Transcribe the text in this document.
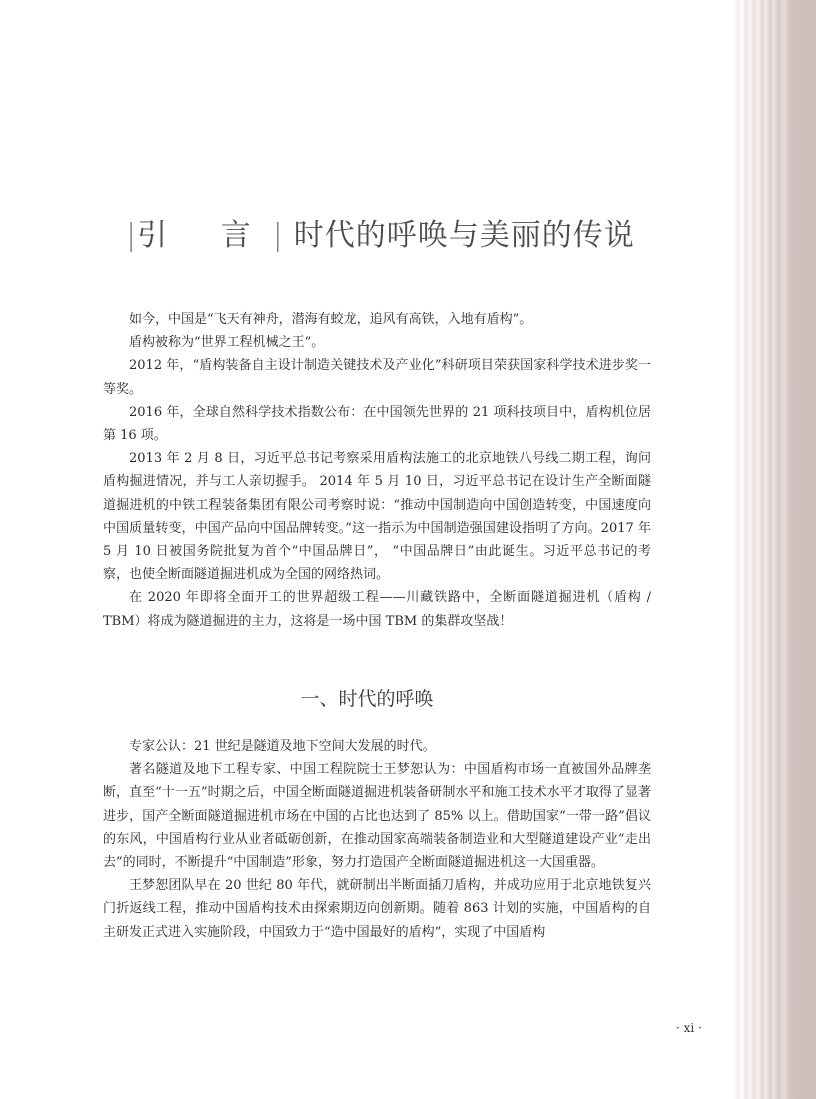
|引 言| 时代的呼唤与美丽的传说

如今，中国是“飞天有神舟，潜海有蛟龙，追风有高铁，入地有盾构”。

盾构被称为“世界工程机械之王”。

2012 年，“盾构装备自主设计制造关键技术及产业化”科研项目荣获国家科学技术进步奖一等奖。

2016 年，全球自然科学技术指数公布：在中国领先世界的 21 项科技项目中，盾构机位居第 16 项。

2013 年 2 月 8 日，习近平总书记考察采用盾构法施工的北京地铁八号线二期工程，询问盾构掘进情况，并与工人亲切握手。 2014 年 5 月 10 日，习近平总书记在设计生产全断面隧道掘进机的中铁工程装备集团有限公司考察时说：“推动中国制造向中国创造转变，中国速度向中国质量转变，中国产品向中国品牌转变。”这一指示为中国制造强国建设指明了方向。2017 年 5 月 10 日被国务院批复为首个“中国品牌日”， “中国品牌日”由此诞生。习近平总书记的考察，也使全断面隧道掘进机成为全国的网络热词。

在 2020 年即将全面开工的世界超级工程——川藏铁路中，全断面隧道掘进机（盾构 / TBM）将成为隧道掘进的主力，这将是一场中国 TBM 的集群攻坚战！

一、时代的呼唤

专家公认：21 世纪是隧道及地下空间大发展的时代。

著名隧道及地下工程专家、中国工程院院士王梦恕认为：中国盾构市场一直被国外品牌垄断，直至“十一五”时期之后，中国全断面隧道掘进机装备研制水平和施工技术水平才取得了显著进步，国产全断面隧道掘进机市场在中国的占比也达到了 85% 以上。借助国家“一带一路”倡议的东风，中国盾构行业从业者砥砺创新，在推动国家高端装备制造业和大型隧道建设产业“走出去”的同时，不断提升“中国制造”形象，努力打造国产全断面隧道掘进机这一大国重器。

王梦恕团队早在 20 世纪 80 年代，就研制出半断面插刀盾构，并成功应用于北京地铁复兴门折返线工程，推动中国盾构技术由探索期迈向创新期。随着 863 计划的实施，中国盾构的自主研发正式进入实施阶段，中国致力于“造中国最好的盾构”，实现了中国盾构

· xi ·
